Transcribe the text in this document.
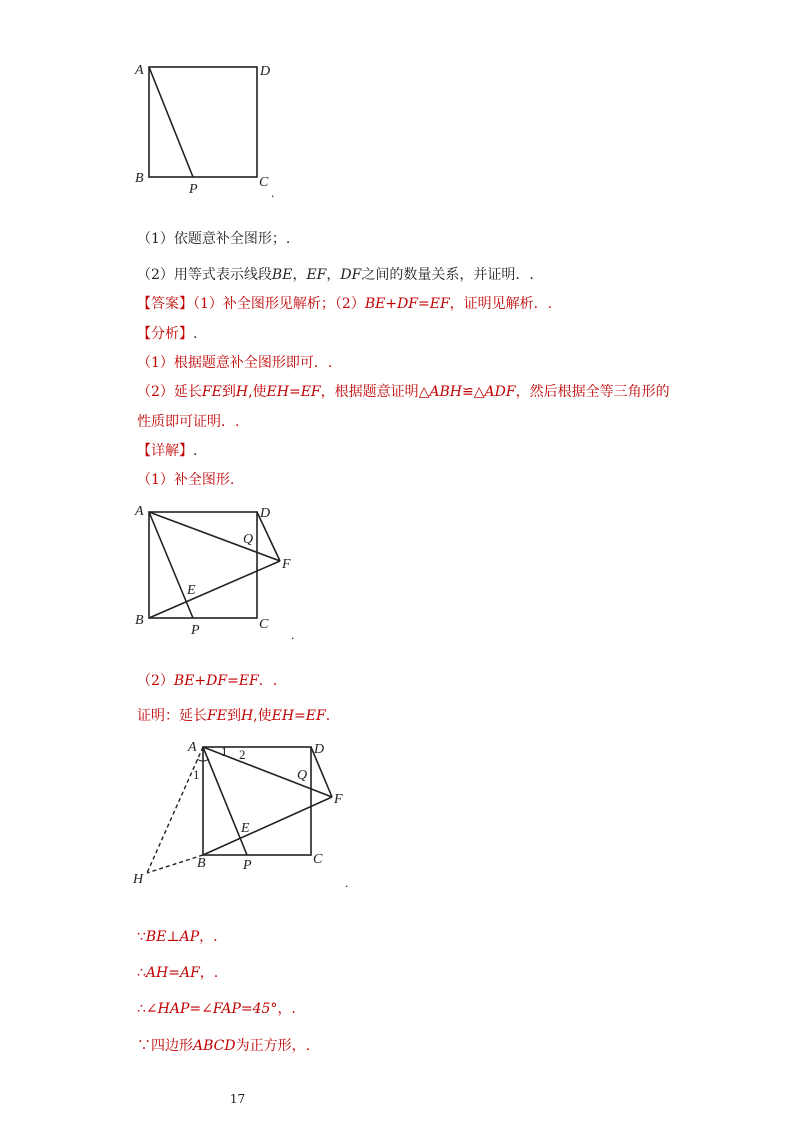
A	D
B
P	C
.
（1）依题意补全图形；.
（2）用等式表示线段BE，EF，DF之间的数量关系，并证明．.
【答案】（1）补全图形见解析；（2）BE+DF=EF，证明见解析．.
【分析】.
（1）根据题意补全图形即可．.
（2）延长FE到H,使EH=EF，根据题意证明△ABH≌△ADF，然后根据全等三角形的
性质即可证明．.
【详解】.
（1）补全图形.
A	D
Q
F
E
B
P	C
.
（2）BE+DF=EF．.
证明：延长FE到H,使EH=EF.
A 1 2
1
D
Q
F
E
B	P	C
H	.
∵BE⊥AP，.
∴AH=AF，.
∴∠HAP=∠FAP=45°，.
∵四边形ABCD为正方形，.
17
